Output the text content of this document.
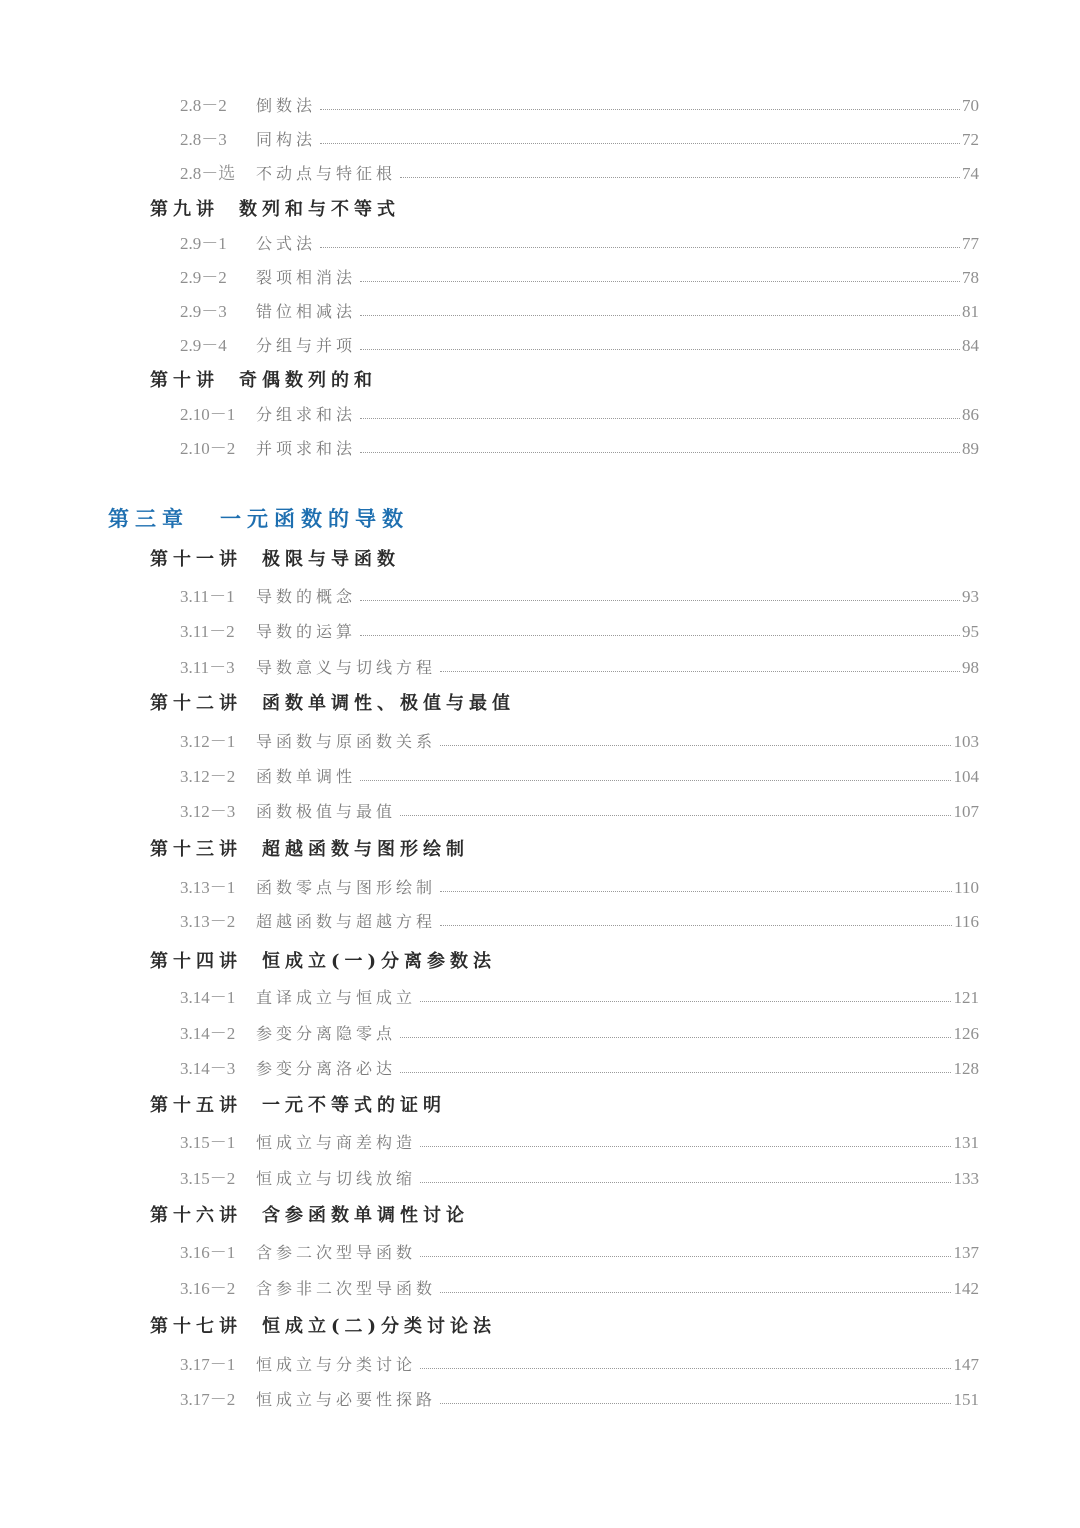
2.8－2 倒数法	70
2.8－3 同构法	72
2.8－选 不动点与特征根	74
第九讲 数列和与不等式
2.9－1 公式法	77
2.9－2 裂项相消法	78
2.9－3 错位相减法	81
2.9－4 分组与并项	84
第十讲 奇偶数列的和
2.10－1 分组求和法	86
2.10－2 并项求和法	89
第三章 一元函数的导数
第十一讲 极限与导函数
3.11－1 导数的概念	93
3.11－2 导数的运算	95
3.11－3 导数意义与切线方程	98
第十二讲 函数单调性、极值与最值
3.12－1 导函数与原函数关系	103
3.12－2 函数单调性	104
3.12－3 函数极值与最值	107
第十三讲 超越函数与图形绘制
3.13－1 函数零点与图形绘制	110
3.13－2 超越函数与超越方程	116
第十四讲 恒成立(一)分离参数法
3.14－1 直译成立与恒成立	121
3.14－2 参变分离隐零点	126
3.14－3 参变分离洛必达	128
第十五讲 一元不等式的证明
3.15－1 恒成立与商差构造	131
3.15－2 恒成立与切线放缩	133
第十六讲 含参函数单调性讨论
3.16－1 含参二次型导函数	137
3.16－2 含参非二次型导函数	142
第十七讲 恒成立(二)分类讨论法
3.17－1 恒成立与分类讨论	147
3.17－2 恒成立与必要性探路	151
